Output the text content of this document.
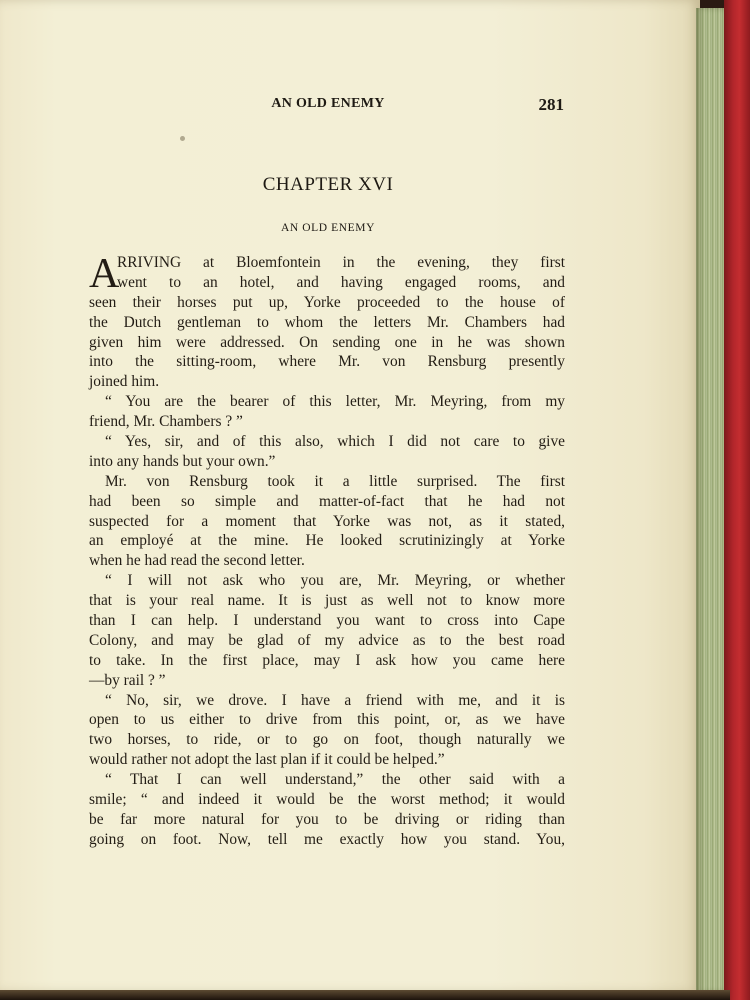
AN OLD ENEMY	281
CHAPTER XVI
AN OLD ENEMY
A
RRIVING at Bloemfontein in the evening, they first
went to an hotel, and having engaged rooms, and
seen their horses put up, Yorke proceeded to the house of
the Dutch gentleman to whom the letters Mr. Chambers had
given him were addressed. On sending one in he was shown
into the sitting-room, where Mr. von Rensburg presently
joined him.
“ You are the bearer of this letter, Mr. Meyring, from my
friend, Mr. Chambers ? ”
“ Yes, sir, and of this also, which I did not care to give
into any hands but your own.”
Mr. von Rensburg took it a little surprised. The first
had been so simple and matter-of-fact that he had not
suspected for a moment that Yorke was not, as it stated,
an employé at the mine. He looked scrutinizingly at Yorke
when he had read the second letter.
“ I will not ask who you are, Mr. Meyring, or whether
that is your real name. It is just as well not to know more
than I can help. I understand you want to cross into Cape
Colony, and may be glad of my advice as to the best road
to take. In the first place, may I ask how you came here
—by rail ? ”
“ No, sir, we drove. I have a friend with me, and it is
open to us either to drive from this point, or, as we have
two horses, to ride, or to go on foot, though naturally we
would rather not adopt the last plan if it could be helped.”
“ That I can well understand,” the other said with a
smile; “ and indeed it would be the worst method; it would
be far more natural for you to be driving or riding than
going on foot. Now, tell me exactly how you stand. You,
